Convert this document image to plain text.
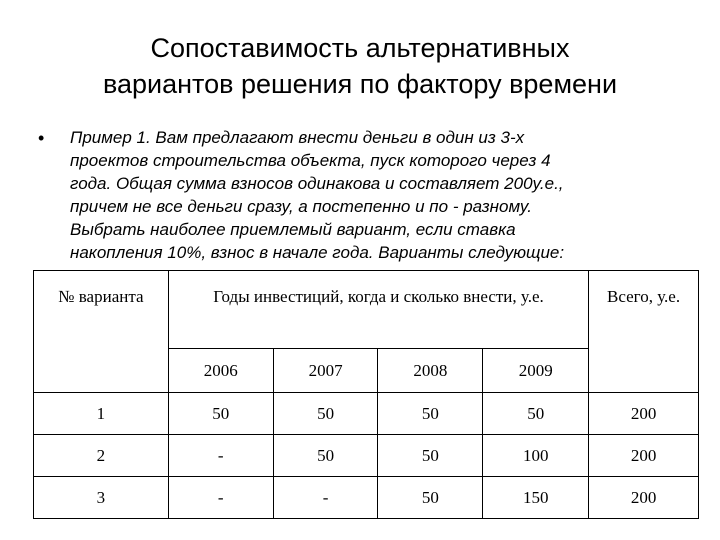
Сопоставимость альтернативных
вариантов решения по фактору времени
• Пример 1. Вам предлагают внести деньги в один из 3-х
проектов строительства объекта, пуск которого через 4
года. Общая сумма взносов одинакова и составляет 200у.е.,
причем не все деньги сразу, а постепенно и по - разному.
Выбрать наиболее приемлемый вариант, если ставка
накопления 10%, взнос в начале года. Варианты следующие:
№ варианта	Годы инвестиций, когда и сколько внести, у.е.				Всего, у.е.
	2006	2007	2008	2009	
1	50	50	50	50	200
2	-	50	50	100	200
3	-	-	50	150	200
